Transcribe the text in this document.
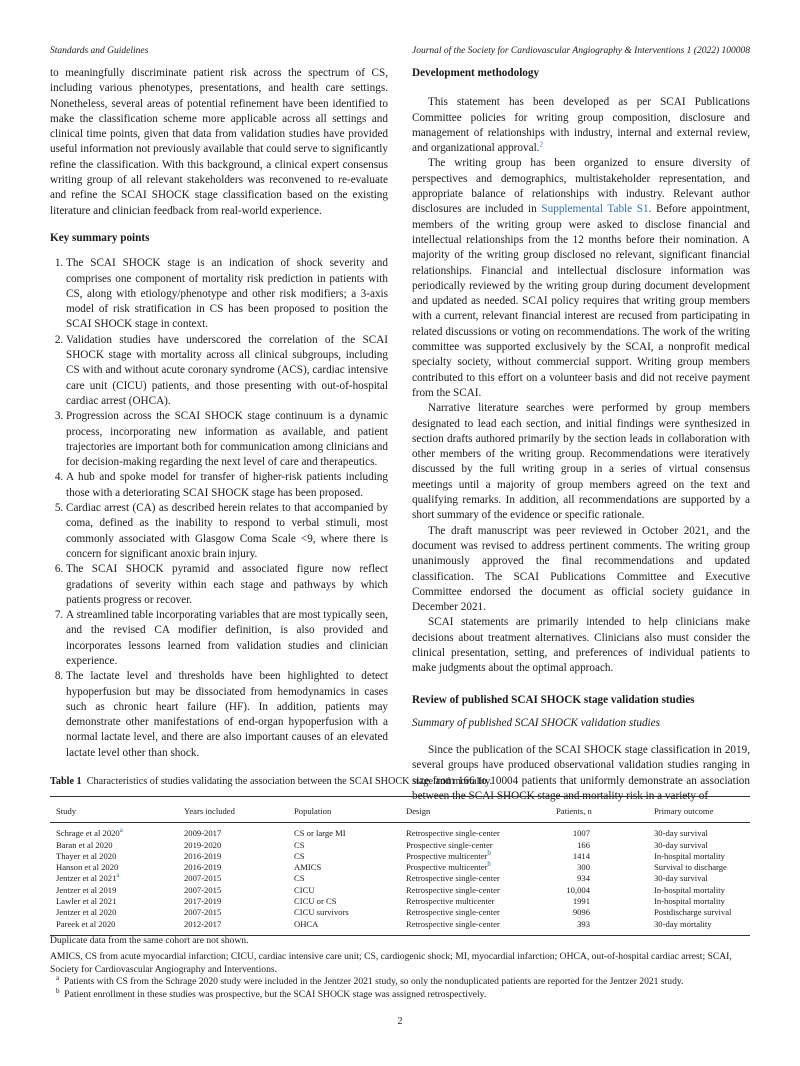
Standards and Guidelines	Journal of the Society for Cardiovascular Angiography & Interventions 1 (2022) 100008

to meaningfully discriminate patient risk across the spectrum of CS, including various phenotypes, presentations, and health care settings. Nonetheless, several areas of potential refinement have been identified to make the classification scheme more applicable across all settings and clinical time points, given that data from validation studies have provided useful information not previously available that could serve to significantly refine the classification. With this background, a clinical expert consensus writing group of all relevant stakeholders was reconvened to re-evaluate and refine the SCAI SHOCK stage classification based on the existing literature and clinician feedback from real-world experience.

Key summary points
1. The SCAI SHOCK stage is an indication of shock severity and comprises one component of mortality risk prediction in patients with CS, along with etiology/phenotype and other risk modifiers; a 3-axis model of risk stratification in CS has been proposed to position the SCAI SHOCK stage in context.
2. Validation studies have underscored the correlation of the SCAI SHOCK stage with mortality across all clinical subgroups, including CS with and without acute coronary syndrome (ACS), cardiac intensive care unit (CICU) patients, and those presenting with out-of-hospital cardiac arrest (OHCA).
3. Progression across the SCAI SHOCK stage continuum is a dynamic process, incorporating new information as available, and patient trajectories are important both for communication among clinicians and for decision-making regarding the next level of care and therapeutics.
4. A hub and spoke model for transfer of higher-risk patients including those with a deteriorating SCAI SHOCK stage has been proposed.
5. Cardiac arrest (CA) as described herein relates to that accompanied by coma, defined as the inability to respond to verbal stimuli, most commonly associated with Glasgow Coma Scale <9, where there is concern for significant anoxic brain injury.
6. The SCAI SHOCK pyramid and associated figure now reflect gradations of severity within each stage and pathways by which patients progress or recover.
7. A streamlined table incorporating variables that are most typically seen, and the revised CA modifier definition, is also provided and incorporates lessons learned from validation studies and clinician experience.
8. The lactate level and thresholds have been highlighted to detect hypoperfusion but may be dissociated from hemodynamics in cases such as chronic heart failure (HF). In addition, patients may demonstrate other manifestations of end-organ hypoperfusion with a normal lactate level, and there are also important causes of an elevated lactate level other than shock.
Development methodology

This statement has been developed as per SCAI Publications Committee policies for writing group composition, disclosure and management of relationships with industry, internal and external review, and organizational approval.$^2$

The writing group has been organized to ensure diversity of perspectives and demographics, multistakeholder representation, and appropriate balance of relationships with industry. Relevant author disclosures are included in Supplemental Table S1. Before appointment, members of the writing group were asked to disclose financial and intellectual relationships from the 12 months before their nomination. A majority of the writing group disclosed no relevant, significant financial relationships. Financial and intellectual disclosure information was periodically reviewed by the writing group during document development and updated as needed. SCAI policy requires that writing group members with a current, relevant financial interest are recused from participating in related discussions or voting on recommendations. The work of the writing committee was supported exclusively by the SCAI, a nonprofit medical specialty society, without commercial support. Writing group members contributed to this effort on a volunteer basis and did not receive payment from the SCAI.

Narrative literature searches were performed by group members designated to lead each section, and initial findings were synthesized in section drafts authored primarily by the section leads in collaboration with other members of the writing group. Recommendations were iteratively discussed by the full writing group in a series of virtual consensus meetings until a majority of group members agreed on the text and qualifying remarks. In addition, all recommendations are supported by a short summary of the evidence or specific rationale.

The draft manuscript was peer reviewed in October 2021, and the document was revised to address pertinent comments. The writing group unanimously approved the final recommendations and updated classification. The SCAI Publications Committee and Executive Committee endorsed the document as official society guidance in December 2021.

SCAI statements are primarily intended to help clinicians make decisions about treatment alternatives. Clinicians also must consider the clinical presentation, setting, and preferences of individual patients to make judgments about the optimal approach.

Review of published SCAI SHOCK stage validation studies
Summary of published SCAI SHOCK validation studies

Since the publication of the SCAI SHOCK stage classification in 2019, several groups have produced observational validation studies ranging in size from 166 to 10004 patients that uniformly demonstrate an association between the SCAI SHOCK stage and mortality risk in a variety of

Table 1 Characteristics of studies validating the association between the SCAI SHOCK stage and mortality.
Study	Years included	Population	Design	Patients, n	Primary outcome
Schrage et al 2020$^a$	2009-2017	CS or large MI	Retrospective single-center	1007	30-day survival
Baran et al 2020	2019-2020	CS	Prospective single-center	166	30-day survival
Thayer et al 2020	2016-2019	CS	Prospective multicenter$^b$	1414	In-hospital mortality
Hanson et al 2020	2016-2019	AMICS	Prospective multicenter$^b$	300	Survival to discharge
Jentzer et al 2021$^a$	2007-2015	CS	Retrospective single-center	934	30-day survival
Jentzer et al 2019	2007-2015	CICU	Retrospective single-center	10,004	In-hospital mortality
Lawler et al 2021	2017-2019	CICU or CS	Retrospective multicenter	1991	In-hospital mortality
Jentzer et al 2020	2007-2015	CICU survivors	Retrospective single-center	9096	Postdischarge survival
Pareek et al 2020	2012-2017	OHCA	Retrospective single-center	393	30-day mortality

Duplicate data from the same cohort are not shown.

AMICS, CS from acute myocardial infarction; CICU, cardiac intensive care unit; CS, cardiogenic shock; MI, myocardial infarction; OHCA, out-of-hospital cardiac arrest; SCAI, Society for Cardiovascular Angiography and Interventions.

$^a$ Patients with CS from the Schrage 2020 study were included in the Jentzer 2021 study, so only the nonduplicated patients are reported for the Jentzer 2021 study.

$^b$ Patient enrollment in these studies was prospective, but the SCAI SHOCK stage was assigned retrospectively.

2
